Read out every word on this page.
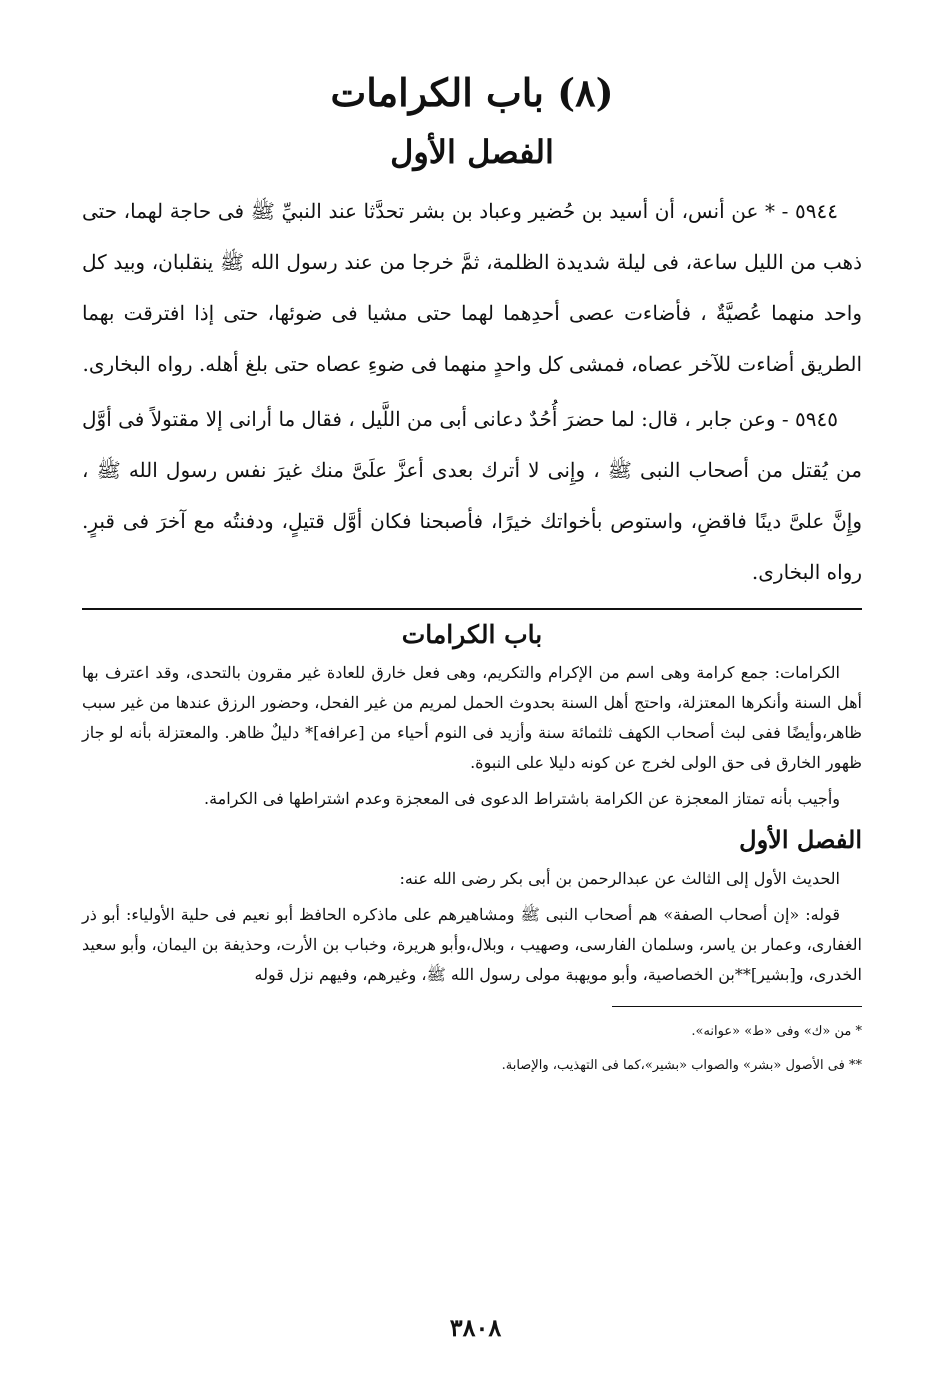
(٨) باب الكرامات
الفصل الأول

٥٩٤٤ - * عن أنس، أن أسيد بن حُضير وعباد بن بشر تحدَّثا عند النبيِّ ﷺ فى حاجة لهما، حتى ذهب من الليل ساعة، فى ليلة شديدة الظلمة، ثمَّ خرجا من عند رسول الله ﷺ ينقلبان، وبيد كل واحد منهما عُصيَّةٌ ، فأضاءت عصى أحدِهما لهما حتى مشيا فى ضوئها، حتى إذا افترقت بهما الطريق أضاءت للآخر عصاه، فمشى كل واحدٍ منهما فى ضوءِ عصاه حتى بلغ أهله. رواه البخارى.

٥٩٤٥ - وعن جابر ، قال: لما حضرَ أُحُدٌ دعانى أبى من اللَّيل ، فقال ما أرانى إلا مقتولاً فى أوَّل من يُقتل من أصحاب النبى ﷺ ، وإِنى لا أترك بعدى أعزَّ علَىَّ منك غيرَ نفس رسول الله ﷺ ، وإِنَّ علىَّ دينًا فاقضِ، واستوص بأخواتك خيرًا، فأصبحنا فكان أوَّل قتيلٍ، ودفنتُه مع آخرَ فى قبرٍ. رواه البخارى.

باب الكرامات

الكرامات: جمع كرامة وهى اسم من الإكرام والتكريم، وهى فعل خارق للعادة غير مقرون بالتحدى، وقد اعترف بها أهل السنة وأنكرها المعتزلة، واحتج أهل السنة بحدوث الحمل لمريم من غير الفحل، وحضور الرزق عندها من غير سبب ظاهر،وأيضًا ففى لبث أصحاب الكهف ثلثمائة سنة وأزيد فى النوم أحياء من [عرافه]* دليلٌ ظاهر. والمعتزلة بأنه لو جاز ظهور الخارق فى حق الولى لخرج عن كونه دليلا على النبوة.

وأجيب بأنه تمتاز المعجزة عن الكرامة باشتراط الدعوى فى المعجزة وعدم اشتراطها فى الكرامة.

الفصل الأول

الحديث الأول إلى الثالث عن عبدالرحمن بن أبى بكر رضى الله عنه:

قوله: «إن أصحاب الصفة» هم أصحاب النبى ﷺ ومشاهيرهم على ماذكره الحافظ أبو نعيم فى حلية الأولياء: أبو ذر الغفارى، وعمار بن ياسر، وسلمان الفارسى، وصهيب ، وبلال،وأبو هريرة، وخباب بن الأرت، وحذيفة بن اليمان، وأبو سعيد الخدرى، و[بشير]**بن الخصاصية، وأبو مويهبة مولى رسول الله ﷺ، وغيرهم، وفيهم نزل قوله

* من «ك» وفى «ط» «عوانه».

** فى الأصول «بشر» والصواب «بشير»،كما فى التهذيب، والإصابة.

٣٨٠٨
